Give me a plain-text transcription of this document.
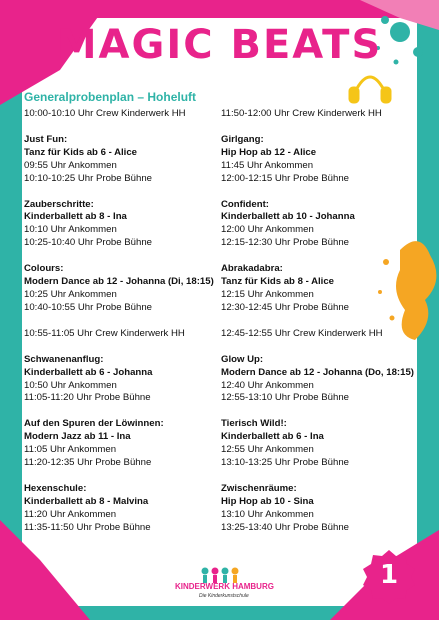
MAGIC BEATS
Generalprobenplan – Hoheluft
10:00-10:10 Uhr Crew Kinderwerk HH
Just Fun:
Tanz für Kids ab 6 - Alice
09:55 Uhr Ankommen
10:10-10:25 Uhr Probe Bühne
Zauberschritte:
Kinderballett ab 8 - Ina
10:10 Uhr Ankommen
10:25-10:40 Uhr Probe Bühne
Colours:
Modern Dance ab 12 - Johanna (Di, 18:15)
10:25 Uhr Ankommen
10:40-10:55 Uhr Probe Bühne
10:55-11:05 Uhr Crew Kinderwerk HH
Schwanenanflug:
Kinderballett ab 6 - Johanna
10:50 Uhr Ankommen
11:05-11:20 Uhr Probe Bühne
Auf den Spuren der Löwinnen:
Modern Jazz ab 11 - Ina
11:05 Uhr Ankommen
11:20-12:35 Uhr Probe Bühne
Hexenschule:
Kinderballett ab 8 - Malvina
11:20 Uhr Ankommen
11:35-11:50 Uhr Probe Bühne
11:50-12:00 Uhr Crew Kinderwerk HH
Girlgang:
Hip Hop ab 12 - Alice
11:45 Uhr Ankommen
12:00-12:15 Uhr Probe Bühne
Confident:
Kinderballett ab 10 - Johanna
12:00 Uhr Ankommen
12:15-12:30 Uhr Probe Bühne
Abrakadabra:
Tanz für Kids ab 8 - Alice
12:15 Uhr Ankommen
12:30-12:45 Uhr Probe Bühne
12:45-12:55 Uhr Crew Kinderwerk HH
Glow Up:
Modern Dance ab 12 - Johanna (Do, 18:15)
12:40 Uhr Ankommen
12:55-13:10 Uhr Probe Bühne
Tierisch Wild!:
Kinderballett ab 6 - Ina
12:55 Uhr Ankommen
13:10-13:25 Uhr Probe Bühne
Zwischenräume:
Hip Hop ab 10 - Sina
13:10 Uhr Ankommen
13:25-13:40 Uhr Probe Bühne
KINDERWERK HAMBURG
Die Kinderkunstschule
1
